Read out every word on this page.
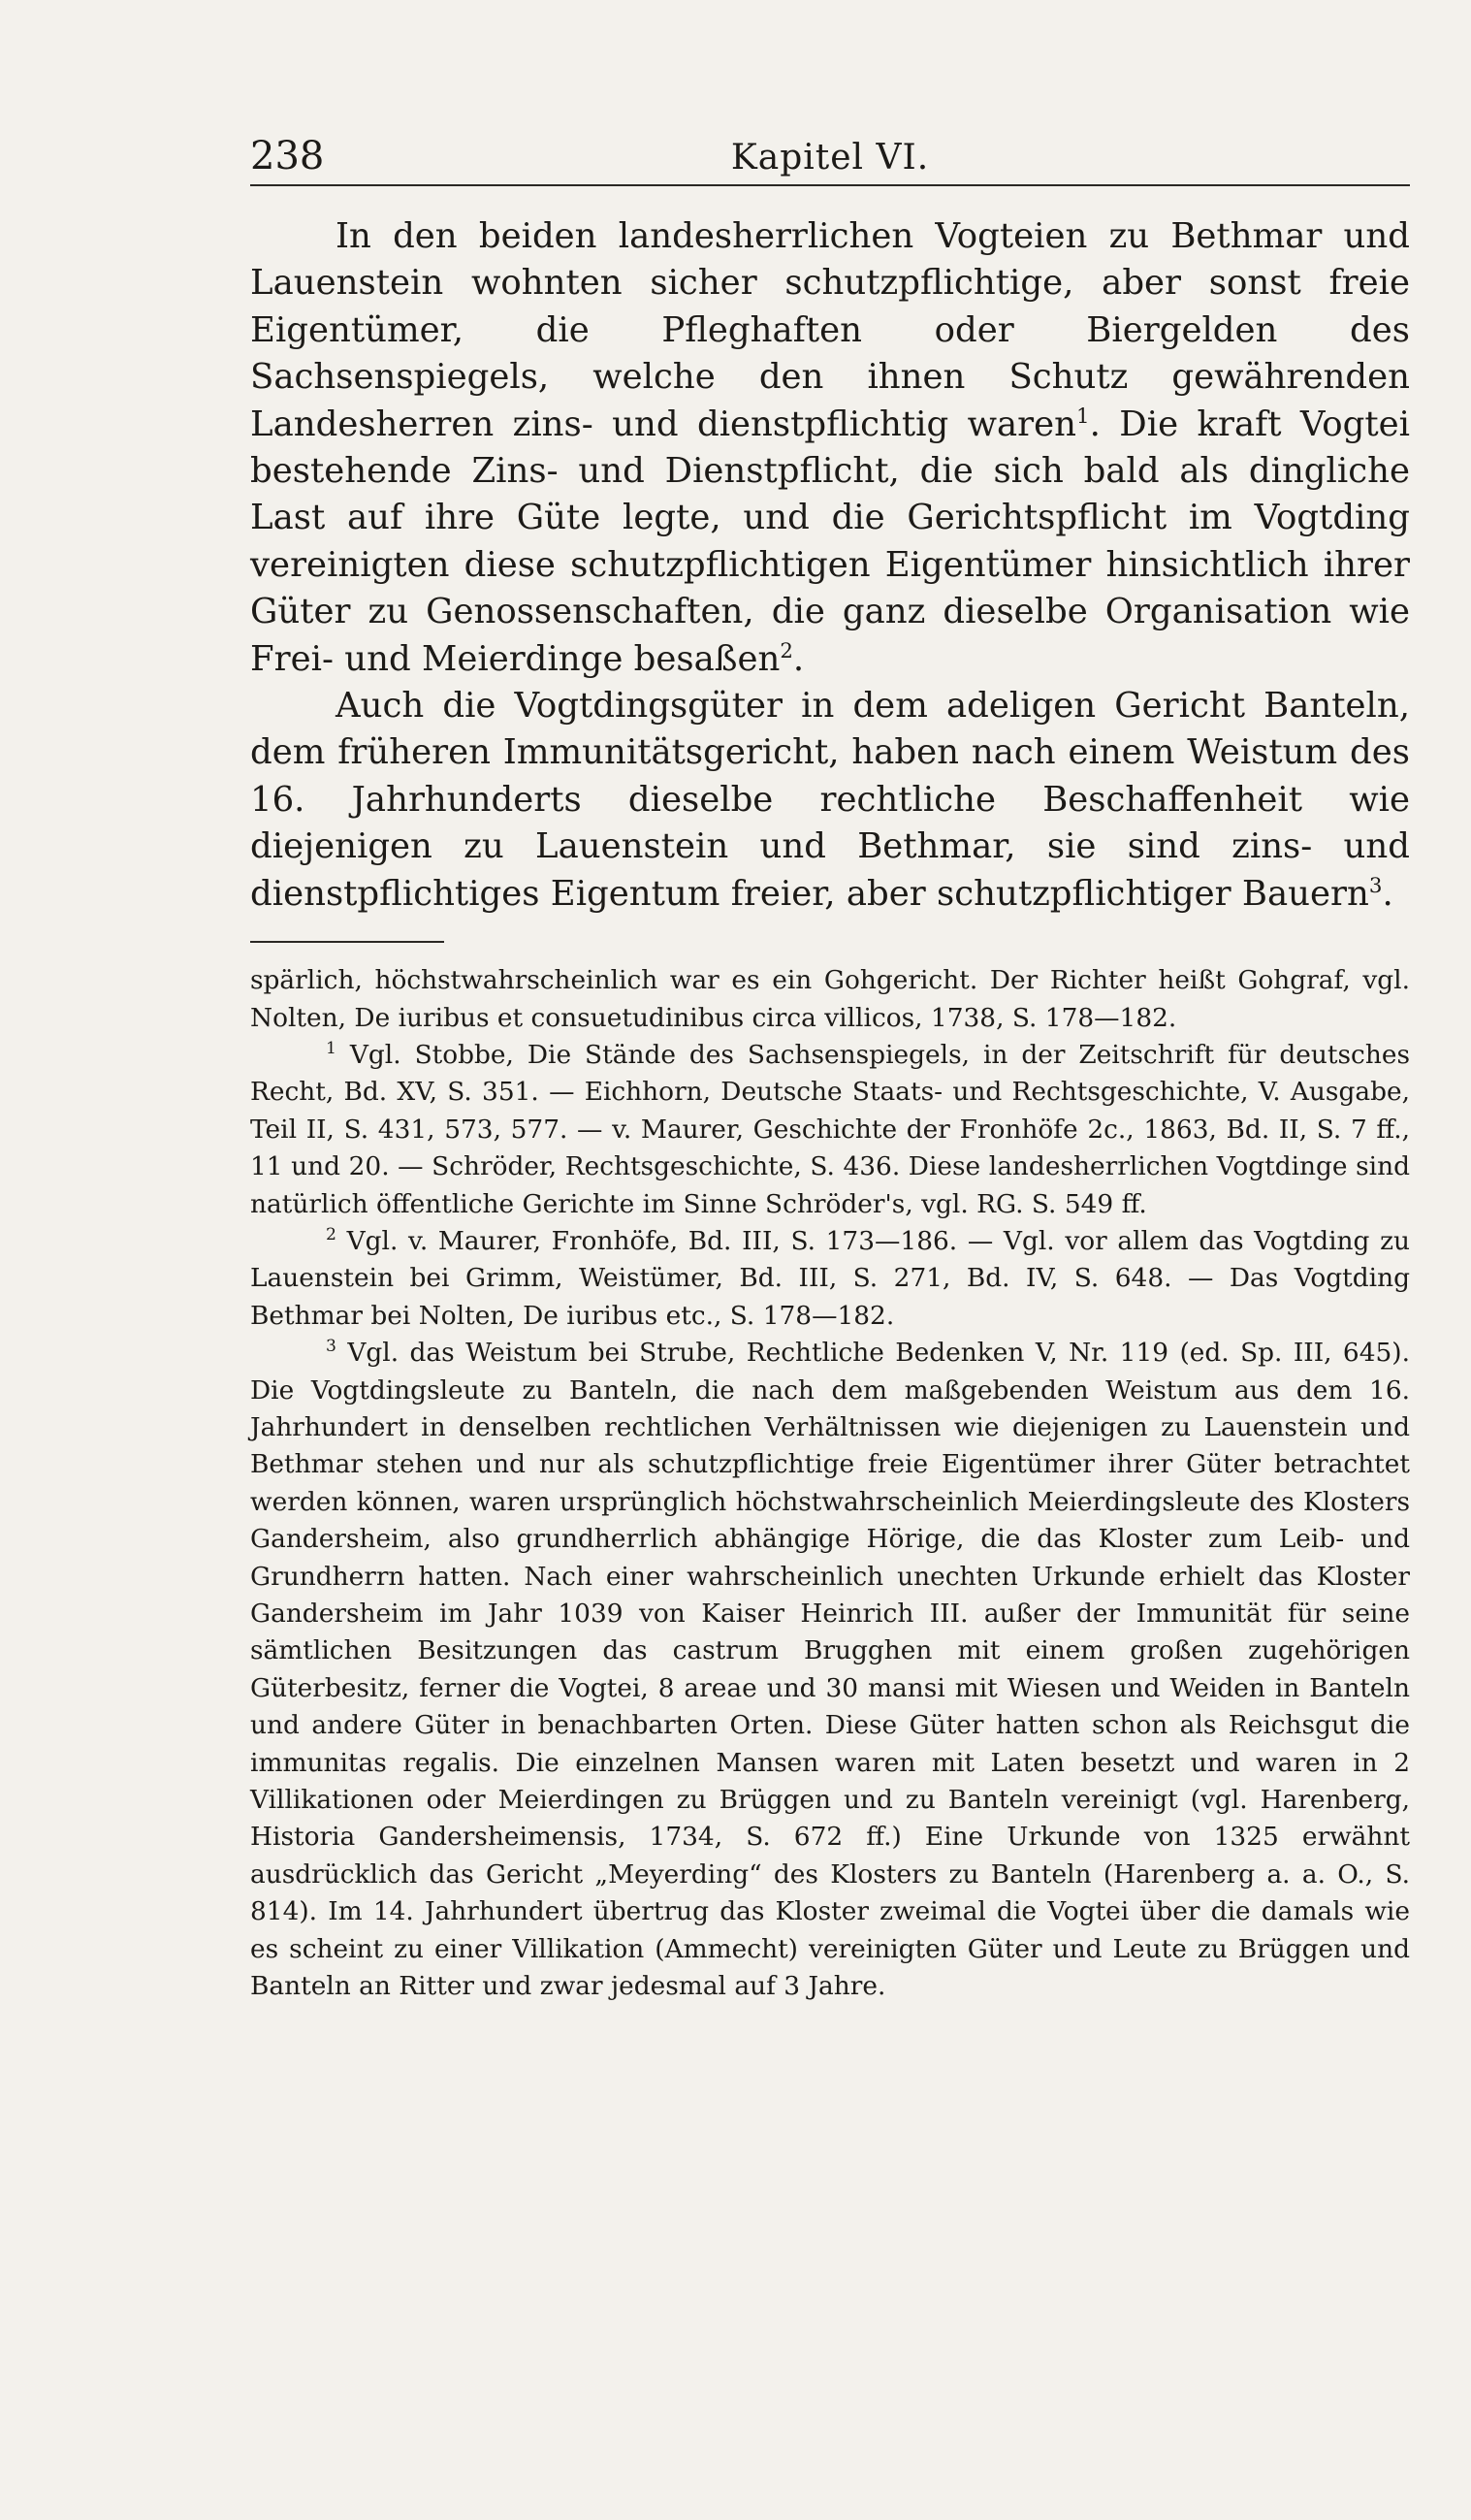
238	Kapitel VI.

In den beiden landesherrlichen Vogteien zu Bethmar und Lauenstein wohnten sicher schutzpflichtige, aber sonst freie Eigentümer, die Pfleghaften oder Biergelden des Sachsenspiegels, welche den ihnen Schutz gewährenden Landesherren zins- und dienstpflichtig waren$^1$. Die kraft Vogtei bestehende Zins- und Dienstpflicht, die sich bald als dingliche Last auf ihre Güte legte, und die Gerichtspflicht im Vogtding vereinigten diese schutzpflichtigen Eigentümer hinsichtlich ihrer Güter zu Genossenschaften, die ganz dieselbe Organisation wie Frei- und Meierdinge besaßen$^2$.

Auch die Vogtdingsgüter in dem adeligen Gericht Banteln, dem früheren Immunitätsgericht, haben nach einem Weistum des 16. Jahrhunderts dieselbe rechtliche Beschaffenheit wie diejenigen zu Lauenstein und Bethmar, sie sind zins- und dienstpflichtiges Eigentum freier, aber schutzpflichtiger Bauern$^3$.

spärlich, höchstwahrscheinlich war es ein Gohgericht. Der Richter heißt Gohgraf, vgl. Nolten, De iuribus et consuetudinibus circa villicos, 1738, S. 178—182.

$^1$ Vgl. Stobbe, Die Stände des Sachsenspiegels, in der Zeitschrift für deutsches Recht, Bd. XV, S. 351. — Eichhorn, Deutsche Staats- und Rechtsgeschichte, V. Ausgabe, Teil II, S. 431, 573, 577. — v. Maurer, Geschichte der Fronhöfe 2c., 1863, Bd. II, S. 7 ff., 11 und 20. — Schröder, Rechtsgeschichte, S. 436. Diese landesherrlichen Vogtdinge sind natürlich öffentliche Gerichte im Sinne Schröder's, vgl. RG. S. 549 ff.

$^2$ Vgl. v. Maurer, Fronhöfe, Bd. III, S. 173—186. — Vgl. vor allem das Vogtding zu Lauenstein bei Grimm, Weistümer, Bd. III, S. 271, Bd. IV, S. 648. — Das Vogtding Bethmar bei Nolten, De iuribus etc., S. 178—182.

$^3$ Vgl. das Weistum bei Strube, Rechtliche Bedenken V, Nr. 119 (ed. Sp. III, 645). Die Vogtdingsleute zu Banteln, die nach dem maßgebenden Weistum aus dem 16. Jahrhundert in denselben rechtlichen Verhältnissen wie diejenigen zu Lauenstein und Bethmar stehen und nur als schutzpflichtige freie Eigentümer ihrer Güter betrachtet werden können, waren ursprünglich höchstwahrscheinlich Meierdingsleute des Klosters Gandersheim, also grundherrlich abhängige Hörige, die das Kloster zum Leib- und Grundherrn hatten. Nach einer wahrscheinlich unechten Urkunde erhielt das Kloster Gandersheim im Jahr 1039 von Kaiser Heinrich III. außer der Immunität für seine sämtlichen Besitzungen das castrum Brugghen mit einem großen zugehörigen Güterbesitz, ferner die Vogtei, 8 areae und 30 mansi mit Wiesen und Weiden in Banteln und andere Güter in benachbarten Orten. Diese Güter hatten schon als Reichsgut die immunitas regalis. Die einzelnen Mansen waren mit Laten besetzt und waren in 2 Villikationen oder Meierdingen zu Brüggen und zu Banteln vereinigt (vgl. Harenberg, Historia Gandersheimensis, 1734, S. 672 ff.) Eine Urkunde von 1325 erwähnt ausdrücklich das Gericht „Meyerding“ des Klosters zu Banteln (Harenberg a. a. O., S. 814). Im 14. Jahrhundert übertrug das Kloster zweimal die Vogtei über die damals wie es scheint zu einer Villikation (Ammecht) vereinigten Güter und Leute zu Brüggen und Banteln an Ritter und zwar jedesmal auf 3 Jahre.
